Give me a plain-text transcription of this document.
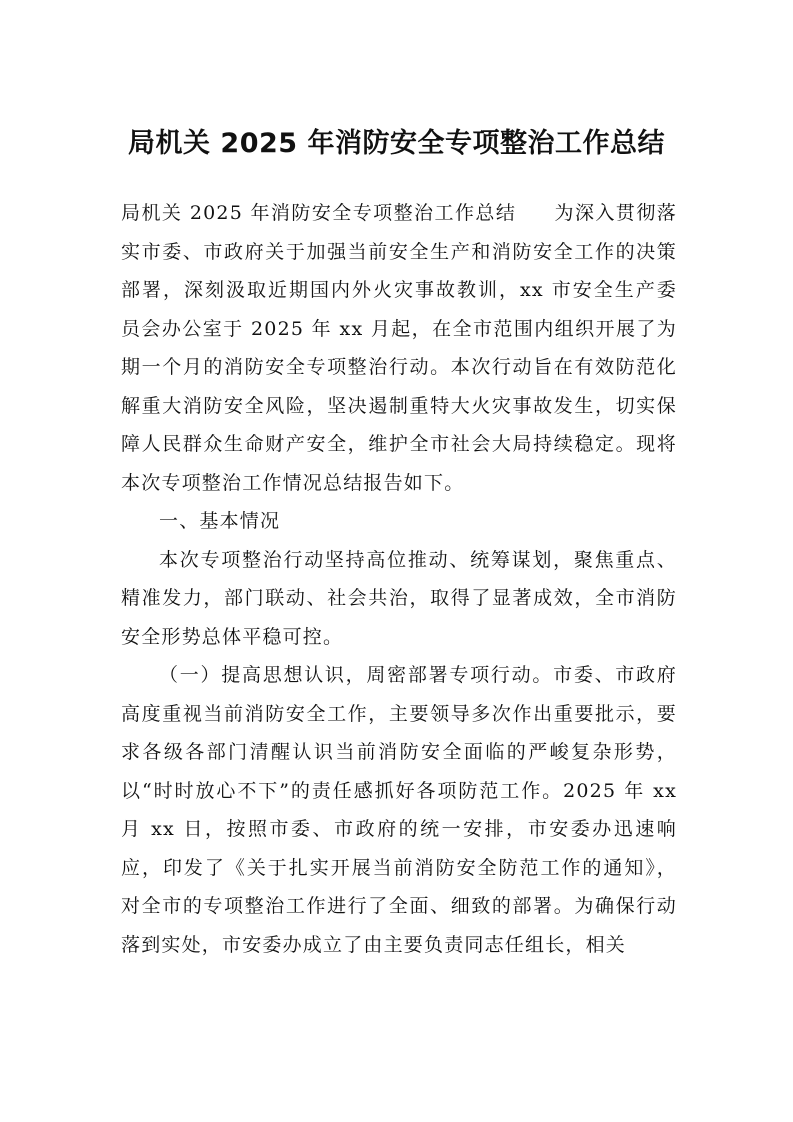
局机关 2025 年消防安全专项整治工作总结

局机关 2025 年消防安全专项整治工作总结 为深入贯彻落实市委、市政府关于加强当前安全生产和消防安全工作的决策部署，深刻汲取近期国内外火灾事故教训，xx 市安全生产委员会办公室于 2025 年 xx 月起，在全市范围内组织开展了为期一个月的消防安全专项整治行动。本次行动旨在有效防范化解重大消防安全风险，坚决遏制重特大火灾事故发生，切实保障人民群众生命财产安全，维护全市社会大局持续稳定。现将本次专项整治工作情况总结报告如下。

一、基本情况

本次专项整治行动坚持高位推动、统筹谋划，聚焦重点、精准发力，部门联动、社会共治，取得了显著成效，全市消防安全形势总体平稳可控。

（一）提高思想认识，周密部署专项行动。市委、市政府高度重视当前消防安全工作，主要领导多次作出重要批示，要求各级各部门清醒认识当前消防安全面临的严峻复杂形势，以“时时放心不下”的责任感抓好各项防范工作。2025 年 xx 月 xx 日，按照市委、市政府的统一安排，市安委办迅速响应，印发了《关于扎实开展当前消防安全防范工作的通知》，对全市的专项整治工作进行了全面、细致的部署。为确保行动落到实处，市安委办成立了由主要负责同志任组长，相关
